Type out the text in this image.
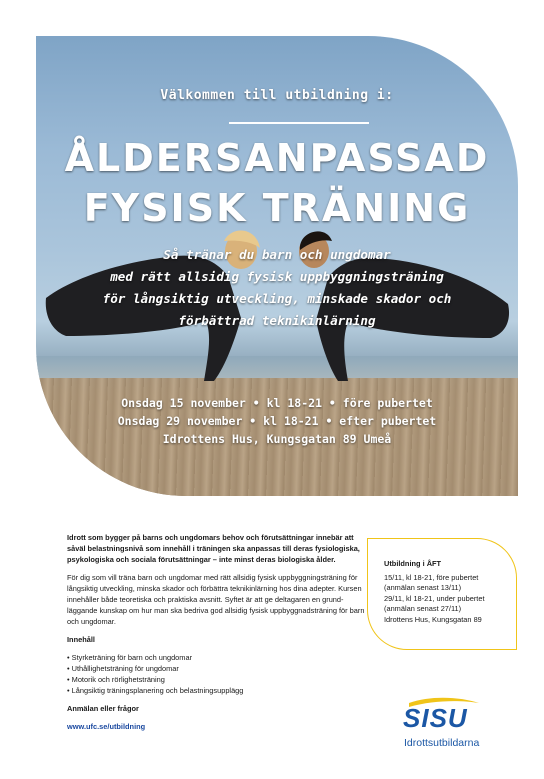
Välkommen till utbildning i:
ÅLDERSANPASSAD
FYSISK TRÄNING
Så tränar du barn och ungdomar
med rätt allsidig fysisk uppbyggningsträning
för långsiktig utveckling, minskade skador och
förbättrad teknikinlärning
Onsdag 15 november • kl 18-21 • före pubertet
Onsdag 29 november • kl 18-21 • efter pubertet
Idrottens Hus, Kungsgatan 89 Umeå

Idrott som bygger på barns och ungdomars behov och förutsättningar innebär att såväl belastningsnivå som innehåll i träningen ska anpassas till deras fysiologiska, psykologiska och sociala förutsättningar – inte minst deras biologiska ålder.

För dig som vill träna barn och ungdomar med rätt allsidig fysisk uppbyggningsträning för långsiktig utveckling, minska skador och förbättra teknikinlärning hos dina adepter. Kursen innehåller både teoretiska och praktiska avsnitt. Syftet är att ge deltagaren en grund-läggande kunskap om hur man ska bedriva god allsidig fysisk uppbyggnadsträning för barn och ungdomar.

Innehåll

• Styrketräning för barn och ungdomar
• Uthållighetsträning för ungdomar
• Motorik och rörlighetsträning
• Långsiktig träningsplanering och belastningsupplägg

Anmälan eller frågor

www.ufc.se/utbildning
Utbildning i ÅFT
15/11, kl 18-21, före pubertet
(anmälan senast 13/11)
29/11, kl 18-21, under pubertet
(anmälan senast 27/11)
Idrottens Hus, Kungsgatan 89
SISU
Idrottsutbildarna
